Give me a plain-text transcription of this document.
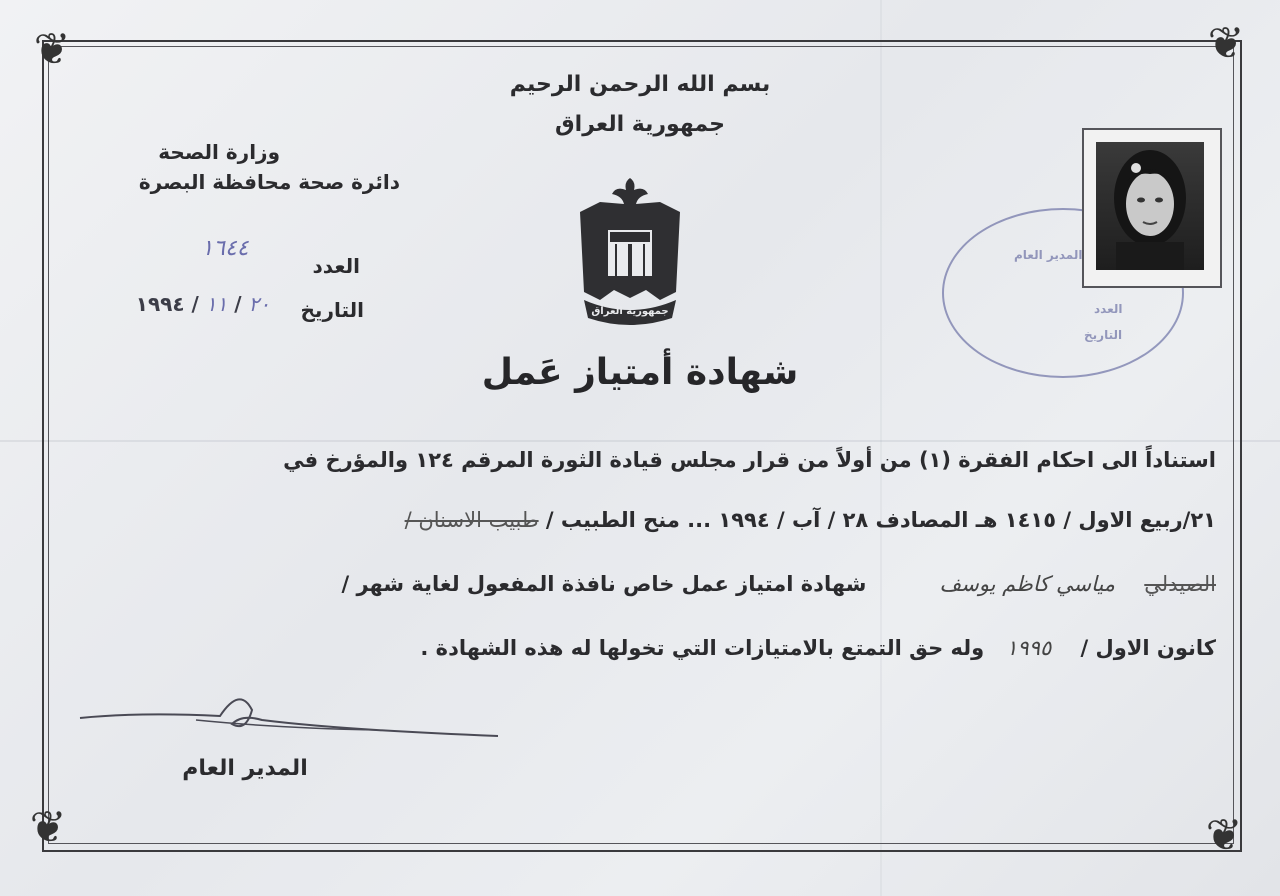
❦	❦
❦	❦
بسم الله الرحمن الرحيم
جمهورية العراق
وزارة الصحة
دائرة صحة محافظة البصرة
العدد
١٦٤٤
التاريخ
٢٠ / ١١ / ١٩٩٤	جمهورية العراق
المدير العام
العدد
التاريخ
شهادة أمتياز عَمل
استناداً الى احكام الفقرة (١) من أولاً من قرار مجلس قيادة الثورة المرقم ١٢٤ والمؤرخ في
٢١/ربيع الاول / ١٤١٥ هـ المصادف ٢٨ / آب / ١٩٩٤ ... منح الطبيب / طبيب الاسنان /
الصيدلي    مياسي كاظم يوسف          شهادة امتياز عمل خاص نافذة المفعول لغاية شهر /
كانون الاول /    ١٩٩٥   وله حق التمتع بالامتيازات التي تخولها له هذه الشهادة .
المدير العام
